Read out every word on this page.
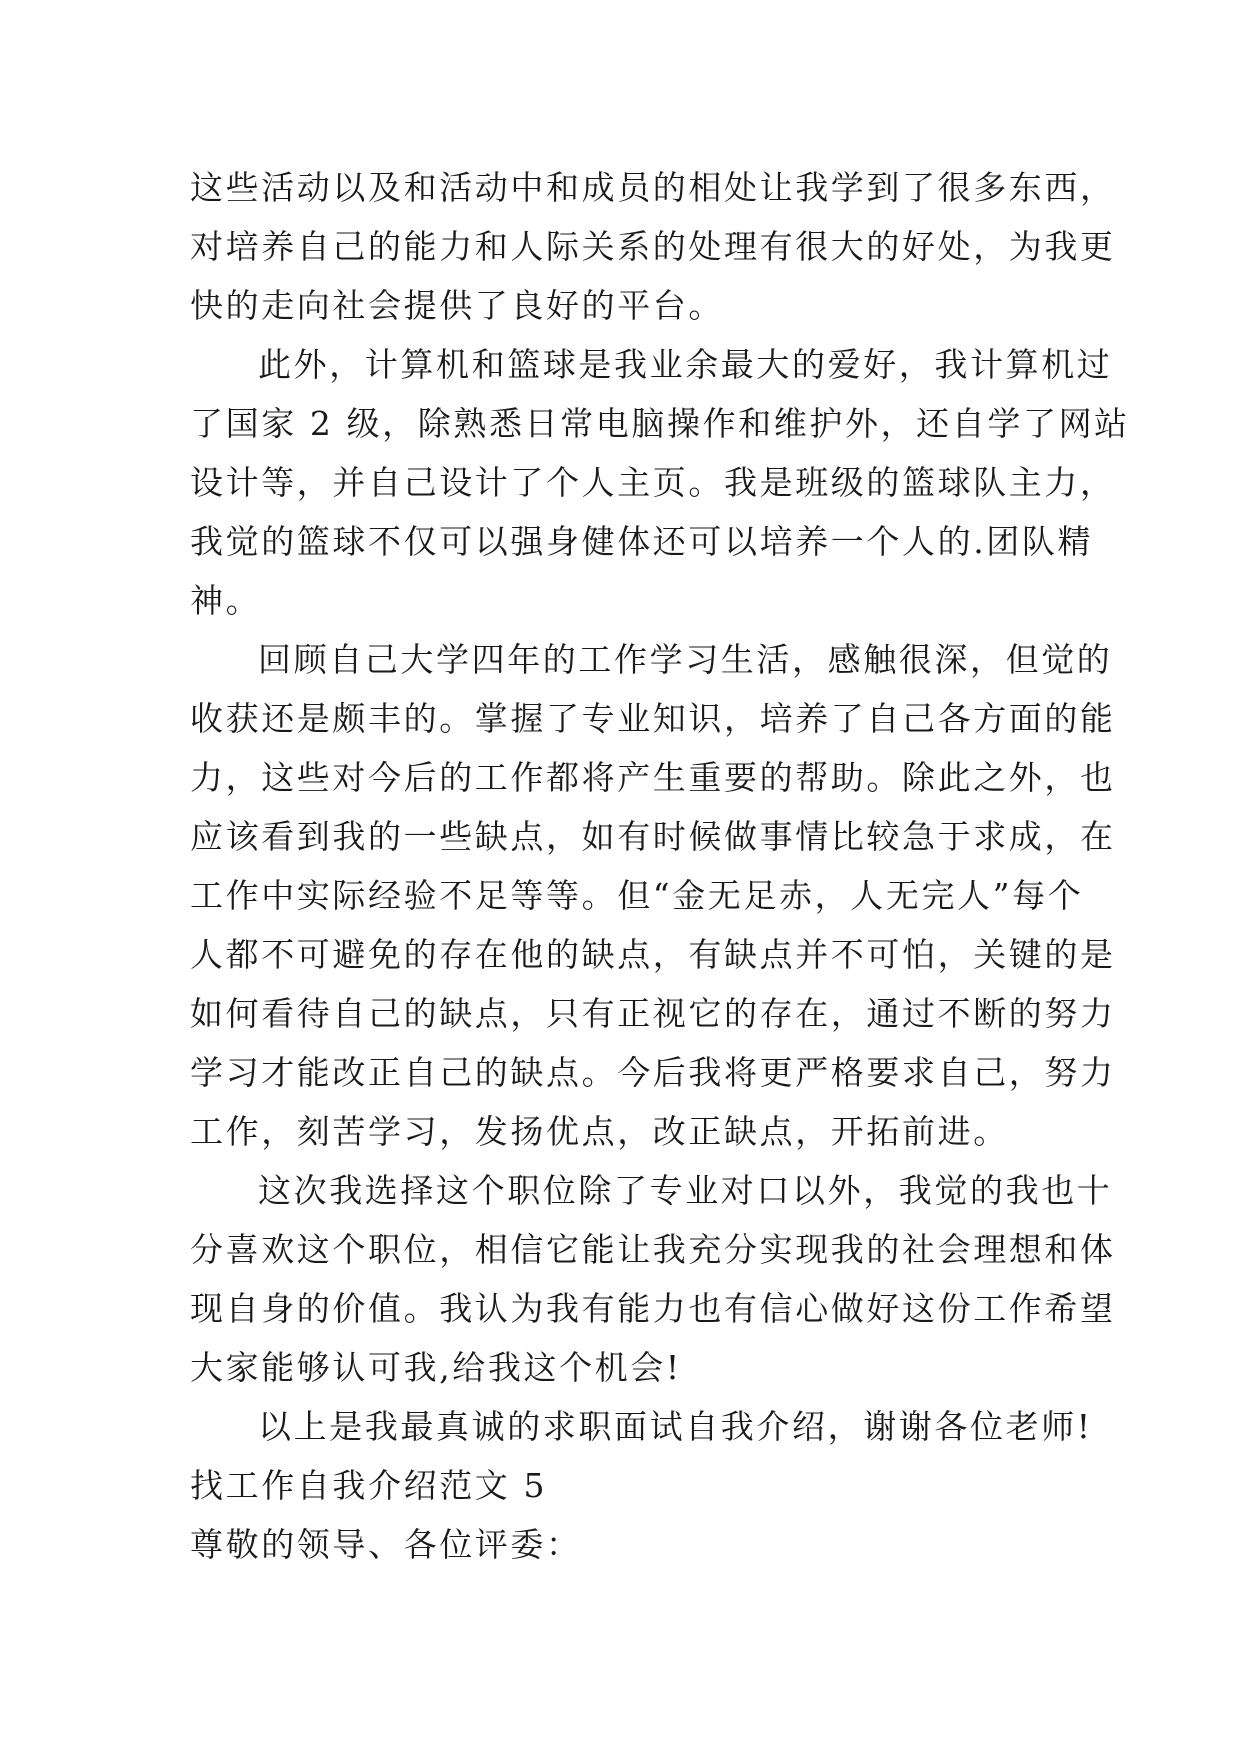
这些活动以及和活动中和成员的相处让我学到了很多东西，
对培养自己的能力和人际关系的处理有很大的好处，为我更
快的走向社会提供了良好的平台。
此外，计算机和篮球是我业余最大的爱好，我计算机过
了国家 2 级，除熟悉日常电脑操作和维护外，还自学了网站
设计等，并自己设计了个人主页。我是班级的篮球队主力，
我觉的篮球不仅可以强身健体还可以培养一个人的.团队精
神。
回顾自己大学四年的工作学习生活，感触很深，但觉的
收获还是颇丰的。掌握了专业知识，培养了自己各方面的能
力，这些对今后的工作都将产生重要的帮助。除此之外，也
应该看到我的一些缺点，如有时候做事情比较急于求成，在
工作中实际经验不足等等。但“金无足赤，人无完人”每个
人都不可避免的存在他的缺点，有缺点并不可怕，关键的是
如何看待自己的缺点，只有正视它的存在，通过不断的努力
学习才能改正自己的缺点。今后我将更严格要求自己，努力
工作，刻苦学习，发扬优点，改正缺点，开拓前进。
这次我选择这个职位除了专业对口以外，我觉的我也十
分喜欢这个职位，相信它能让我充分实现我的社会理想和体
现自身的价值。我认为我有能力也有信心做好这份工作希望
大家能够认可我,给我这个机会!
以上是我最真诚的求职面试自我介绍，谢谢各位老师!
找工作自我介绍范文 5
尊敬的领导、各位评委：
